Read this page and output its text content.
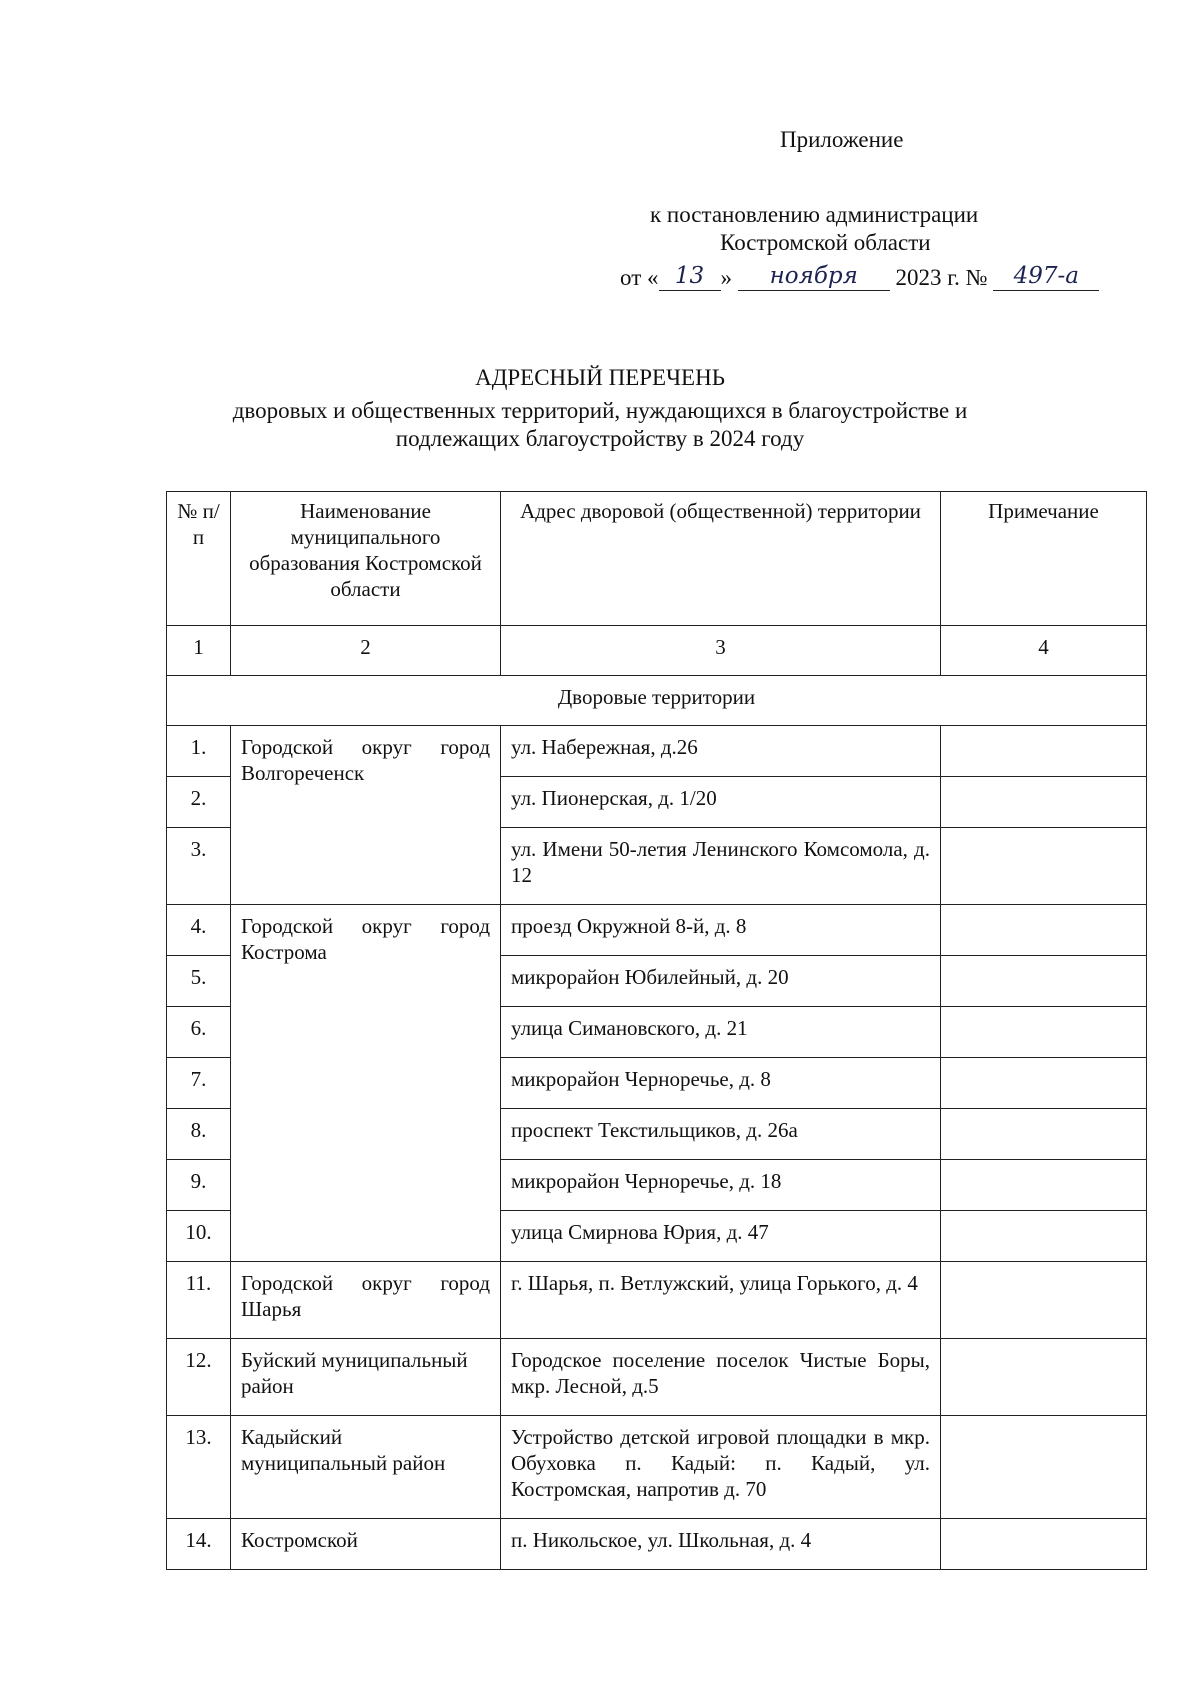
Приложение
к постановлению администрации
Костромской области
от « 13 » ноября 2023 г. № 497-а
АДРЕСНЫЙ ПЕРЕЧЕНЬ
дворовых и общественных территорий, нуждающихся в благоустройстве и
подлежащих благоустройству в 2024 году
№ п/п	Наименование муниципального образования Костромской области	Адрес дворовой (общественной) территории	Примечание
1	2	3	4
Дворовые территории			
1.	Городской округ город Волгореченск	ул. Набережная, д.26	
2.		ул. Пионерская, д. 1/20	
3.		ул. Имени 50-летия Ленинского Комсомола, д. 12	
4.	Городской округ город Кострома	проезд Окружной 8-й, д. 8	
5.		микрорайон Юбилейный, д. 20	
6.		улица Симановского, д. 21	
7.		микрорайон Черноречье, д. 8	
8.		проспект Текстильщиков, д. 26а	
9.		микрорайон Черноречье, д. 18	
10.		улица Смирнова Юрия, д. 47	
11.	Городской округ город Шарья	г. Шарья, п. Ветлужский, улица Горького, д. 4	
12.	Буйский муниципальный район	Городское поселение поселок Чистые Боры, мкр. Лесной, д.5	
13.	Кадыйский муниципальный район	Устройство детской игровой площадки в мкр. Обуховка п. Кадый: п. Кадый, ул. Костромская, напротив д. 70	
14.	Костромской	п. Никольское, ул. Школьная, д. 4	
